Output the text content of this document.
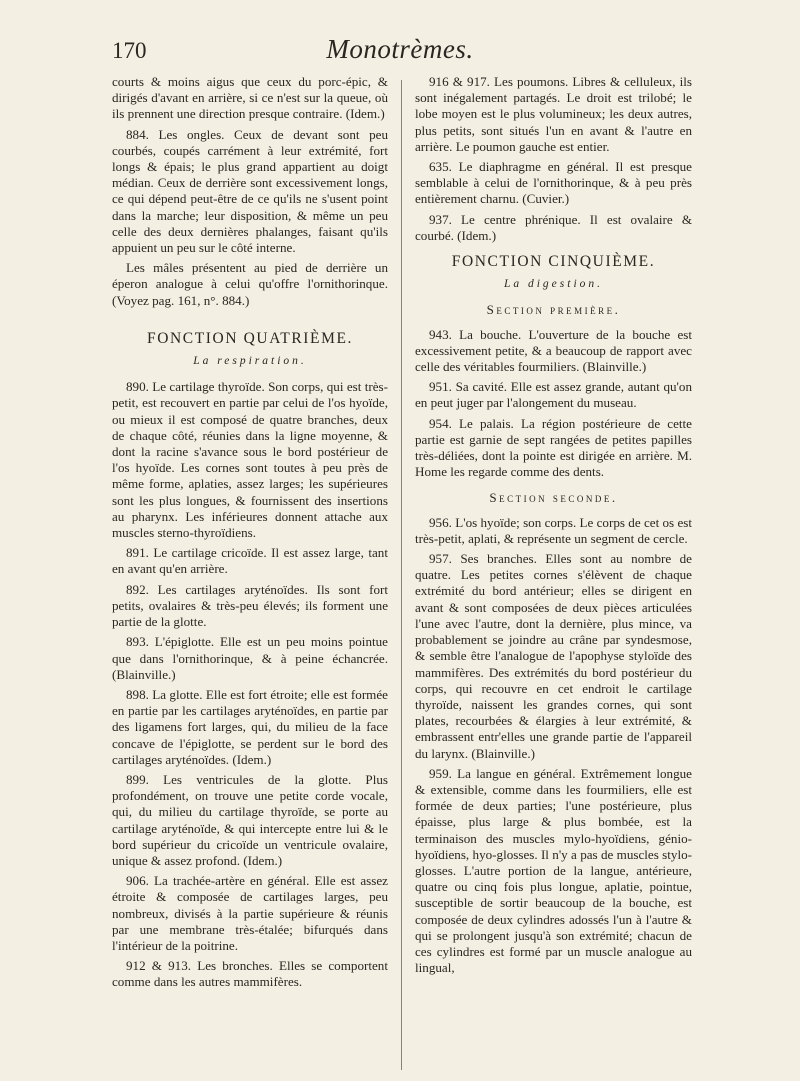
170	Monotrèmes.

courts & moins aigus que ceux du porc-épic, & dirigés d'avant en arrière, si ce n'est sur la queue, où ils prennent une direction presque contraire. (Idem.)

884. Les ongles. Ceux de devant sont peu courbés, coupés carrément à leur extrémité, fort longs & épais; le plus grand appartient au doigt médian. Ceux de derrière sont excessivement longs, ce qui dépend peut-être de ce qu'ils ne s'usent point dans la marche; leur disposition, & même un peu celle des deux dernières phalanges, faisant qu'ils appuient un peu sur le côté interne.

Les mâles présentent au pied de derrière un éperon analogue à celui qu'offre l'ornithorinque. (Voyez pag. 161, n°. 884.)

FONCTION QUATRIÈME.
La respiration.

890. Le cartilage thyroïde. Son corps, qui est très-petit, est recouvert en partie par celui de l'os hyoïde, ou mieux il est composé de quatre branches, deux de chaque côté, réunies dans la ligne moyenne, & dont la racine s'avance sous le bord postérieur de l'os hyoïde. Les cornes sont toutes à peu près de même forme, aplaties, assez larges; les supérieures sont les plus longues, & fournissent des insertions au pharynx. Les inférieures donnent attache aux muscles sterno-thyroïdiens.

891. Le cartilage cricoïde. Il est assez large, tant en avant qu'en arrière.

892. Les cartilages aryténoïdes. Ils sont fort petits, ovalaires & très-peu élevés; ils forment une partie de la glotte.

893. L'épiglotte. Elle est un peu moins pointue que dans l'ornithorinque, & à peine échancrée. (Blainville.)

898. La glotte. Elle est fort étroite; elle est formée en partie par les cartilages aryténoïdes, en partie par des ligamens fort larges, qui, du milieu de la face concave de l'épiglotte, se perdent sur le bord des cartilages aryténoïdes. (Idem.)

899. Les ventricules de la glotte. Plus profondément, on trouve une petite corde vocale, qui, du milieu du cartilage thyroïde, se porte au cartilage aryténoïde, & qui intercepte entre lui & le bord supérieur du cricoïde un ventricule ovalaire, unique & assez profond. (Idem.)

906. La trachée-artère en général. Elle est assez étroite & composée de cartilages larges, peu nombreux, divisés à la partie supérieure & réunis par une membrane très-étalée; bifurqués dans l'intérieur de la poitrine.

912 & 913. Les bronches. Elles se comportent comme dans les autres mammifères.

916 & 917. Les poumons. Libres & celluleux, ils sont inégalement partagés. Le droit est trilobé; le lobe moyen est le plus volumineux; les deux autres, plus petits, sont situés l'un en avant & l'autre en arrière. Le poumon gauche est entier.

635. Le diaphragme en général. Il est presque semblable à celui de l'ornithorinque, & à peu près entièrement charnu. (Cuvier.)

937. Le centre phrénique. Il est ovalaire & courbé. (Idem.)

FONCTION CINQUIÈME.
La digestion.
Section première.

943. La bouche. L'ouverture de la bouche est excessivement petite, & a beaucoup de rapport avec celle des véritables fourmiliers. (Blainville.)

951. Sa cavité. Elle est assez grande, autant qu'on en peut juger par l'alongement du museau.

954. Le palais. La région postérieure de cette partie est garnie de sept rangées de petites papilles très-déliées, dont la pointe est dirigée en arrière. M. Home les regarde comme des dents.

Section seconde.

956. L'os hyoïde; son corps. Le corps de cet os est très-petit, aplati, & représente un segment de cercle.

957. Ses branches. Elles sont au nombre de quatre. Les petites cornes s'élèvent de chaque extrémité du bord antérieur; elles se dirigent en avant & sont composées de deux pièces articulées l'une avec l'autre, dont la dernière, plus mince, va probablement se joindre au crâne par syndesmose, & semble être l'analogue de l'apophyse styloïde des mammifères. Des extrémités du bord postérieur du corps, qui recouvre en cet endroit le cartilage thyroïde, naissent les grandes cornes, qui sont plates, recourbées & élargies à leur extrémité, & embrassent entr'elles une grande partie de l'appareil du larynx. (Blainville.)

959. La langue en général. Extrêmement longue & extensible, comme dans les fourmiliers, elle est formée de deux parties; l'une postérieure, plus épaisse, plus large & plus bombée, est la terminaison des muscles mylo-hyoïdiens, génio-hyoïdiens, hyo-glosses. Il n'y a pas de muscles stylo-glosses. L'autre portion de la langue, antérieure, quatre ou cinq fois plus longue, aplatie, pointue, susceptible de sortir beaucoup de la bouche, est composée de deux cylindres adossés l'un à l'autre & qui se prolongent jusqu'à son extrémité; chacun de ces cylindres est formé par un muscle analogue au lingual,
